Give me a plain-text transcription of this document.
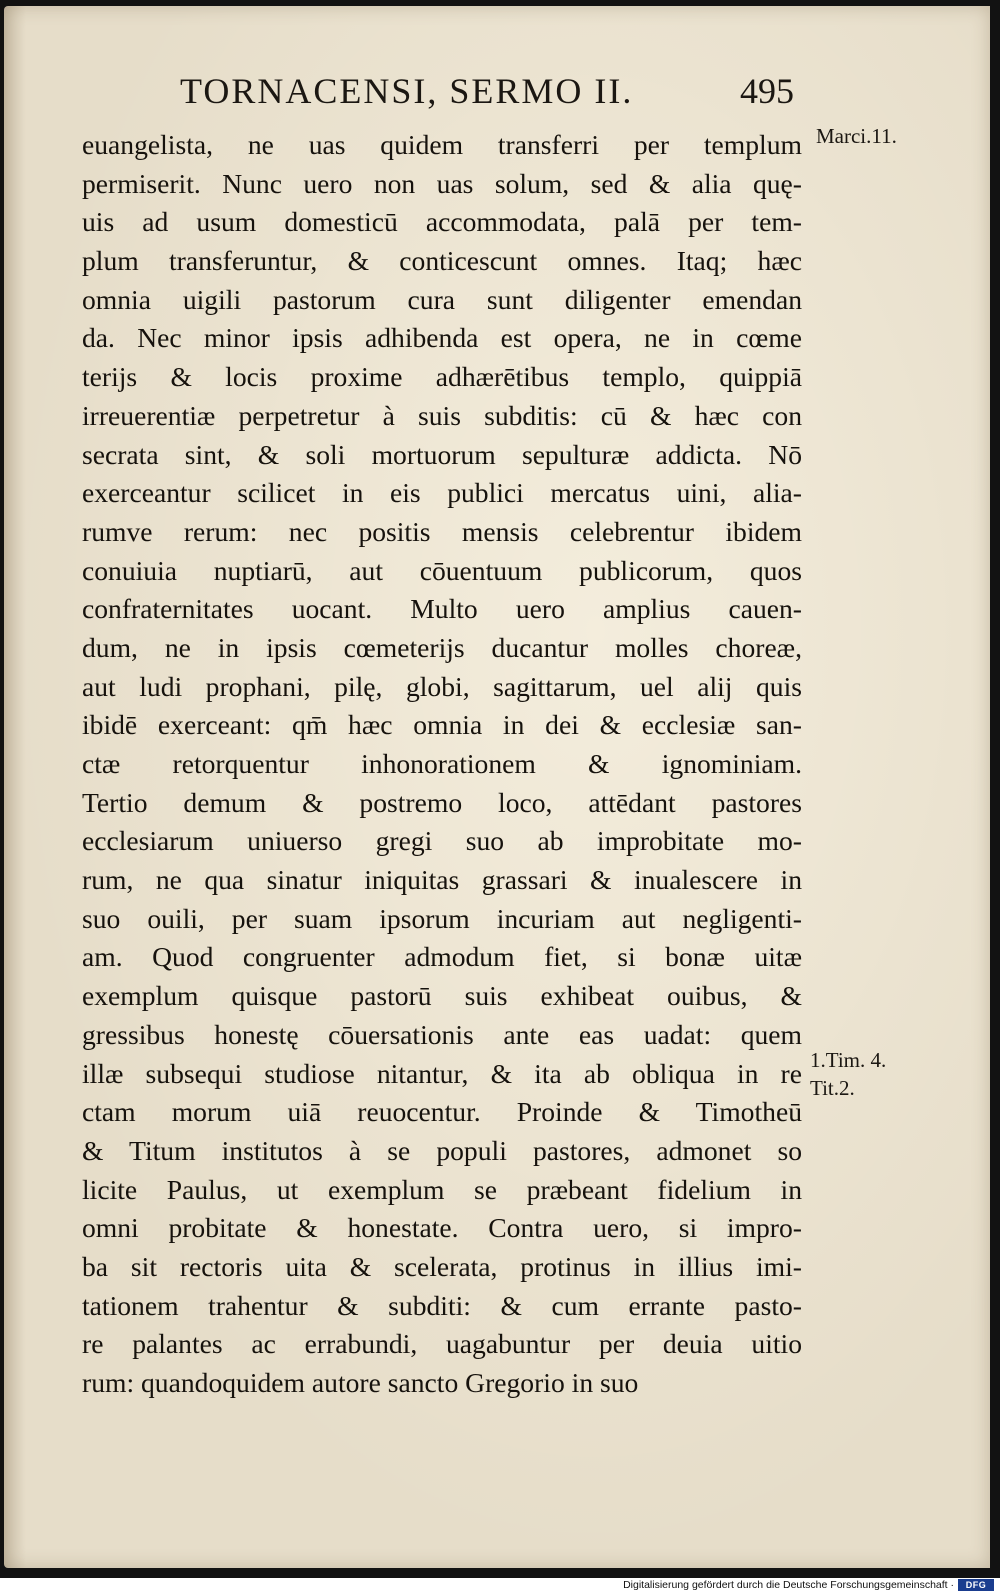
TORNACENSI, SERMO II.	495
euangelista, ne uas quidem transferri per templum
permiserit. Nunc uero non uas solum, sed & alia quę-
uis ad usum domesticū accommodata, palā per tem-
plum transferuntur, & conticescunt omnes. Itaq; hæc
omnia uigili pastorum cura sunt diligenter emendan
da. Nec minor ipsis adhibenda est opera, ne in cœme
terijs & locis proxime adhærētibus templo, quippiā
irreuerentiæ perpetretur à suis subditis: cū & hæc con
secrata sint, & soli mortuorum sepulturæ addicta. Nō
exerceantur scilicet in eis publici mercatus uini, alia-
rumve rerum: nec positis mensis celebrentur ibidem
conuiuia nuptiarū, aut cōuentuum publicorum, quos
confraternitates uocant. Multo uero amplius cauen-
dum, ne in ipsis cœmeterijs ducantur molles choreæ,
aut ludi prophani, pilę, globi, sagittarum, uel alij quis
ibidē exerceant: qm̄ hæc omnia in dei & ecclesiæ san-
ctæ retorquentur inhonorationem & ignominiam.
Tertio demum & postremo loco, attēdant pastores
ecclesiarum uniuerso gregi suo ab improbitate mo-
rum, ne qua sinatur iniquitas grassari & inualescere in
suo ouili, per suam ipsorum incuriam aut negligenti-
am. Quod congruenter admodum fiet, si bonæ uitæ
exemplum quisque pastorū suis exhibeat ouibus, &
gressibus honestę cōuersationis ante eas uadat: quem
illæ subsequi studiose nitantur, & ita ab obliqua in re
ctam morum uiā reuocentur. Proinde & Timotheū
& Titum institutos à se populi pastores, admonet so
licite Paulus, ut exemplum se præbeant fidelium in
omni probitate & honestate. Contra uero, si impro-
ba sit rectoris uita & scelerata, protinus in illius imi-
tationem trahentur & subditi: & cum errante pasto-
re palantes ac errabundi, uagabuntur per deuia uitio
rum: quandoquidem autore sancto Gregorio in suo
Marci.11.
1.Tim. 4.
Tit.2.
Digitalisierung gefördert durch die Deutsche Forschungsgemeinschaft ·	DFG
